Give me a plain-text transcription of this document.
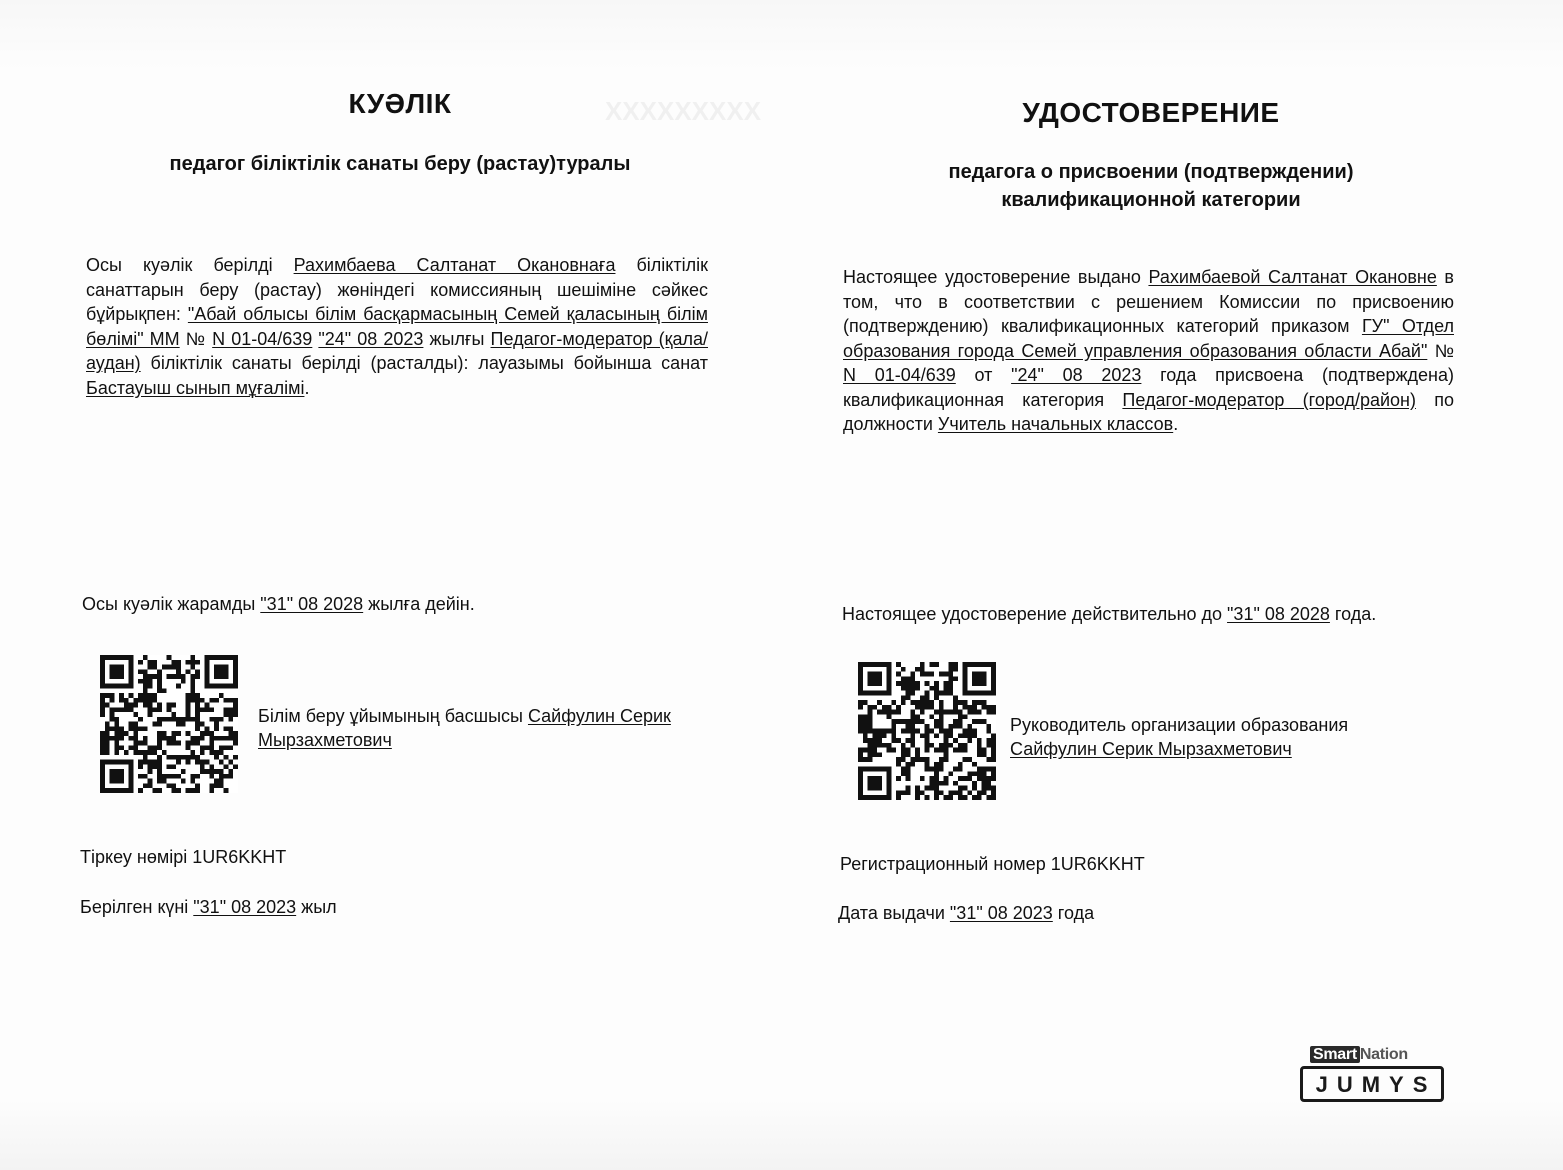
XXXXXXXXX
КУӘЛІК
педагог біліктілік санаты беру (растау)туралы
Осы куәлік берілді Рахимбаева Салтанат Окановнаға біліктілік санаттарын беру (растау) жөніндегі комиссияның шешіміне сәйкес бұйрықпен: "Абай облысы білім басқармасының Семей қаласының білім бөлімі" ММ № N 01-04/639 "24" 08 2023 жылғы Педагог-модератор (қала/аудан) біліктілік санаты берілді (расталды): лауазымы бойынша санат Бастауыш сынып мұғалімі.
Осы куәлік жарамды "31" 08 2028 жылға дейін.
Білім беру ұйымының басшысы Сайфулин Серик Мырзахметович
Тіркеу нөмірі 1UR6KKHT
Берілген күні "31" 08 2023 жыл
УДОСТОВЕРЕНИЕ
педагога о присвоении (подтверждении)
квалификационной категории
Настоящее удостоверение выдано Рахимбаевой Салтанат Окановне в том, что в соответствии с решением Комиссии по присвоению (подтверждению) квалификационных категорий приказом ГУ" Отдел образования города Семей управления образования области Абай" № N 01-04/639 от "24" 08 2023 года присвоена (подтверждена) квалификационная категория Педагог-модератор (город/район) по должности Учитель начальных классов.
Настоящее удостоверение действительно до "31" 08 2028 года.
Руководитель организации образования
Сайфулин Серик Мырзахметович
Регистрационный номер 1UR6KKHT
Дата выдачи "31" 08 2023 года
Smart Nation
JUMYS
